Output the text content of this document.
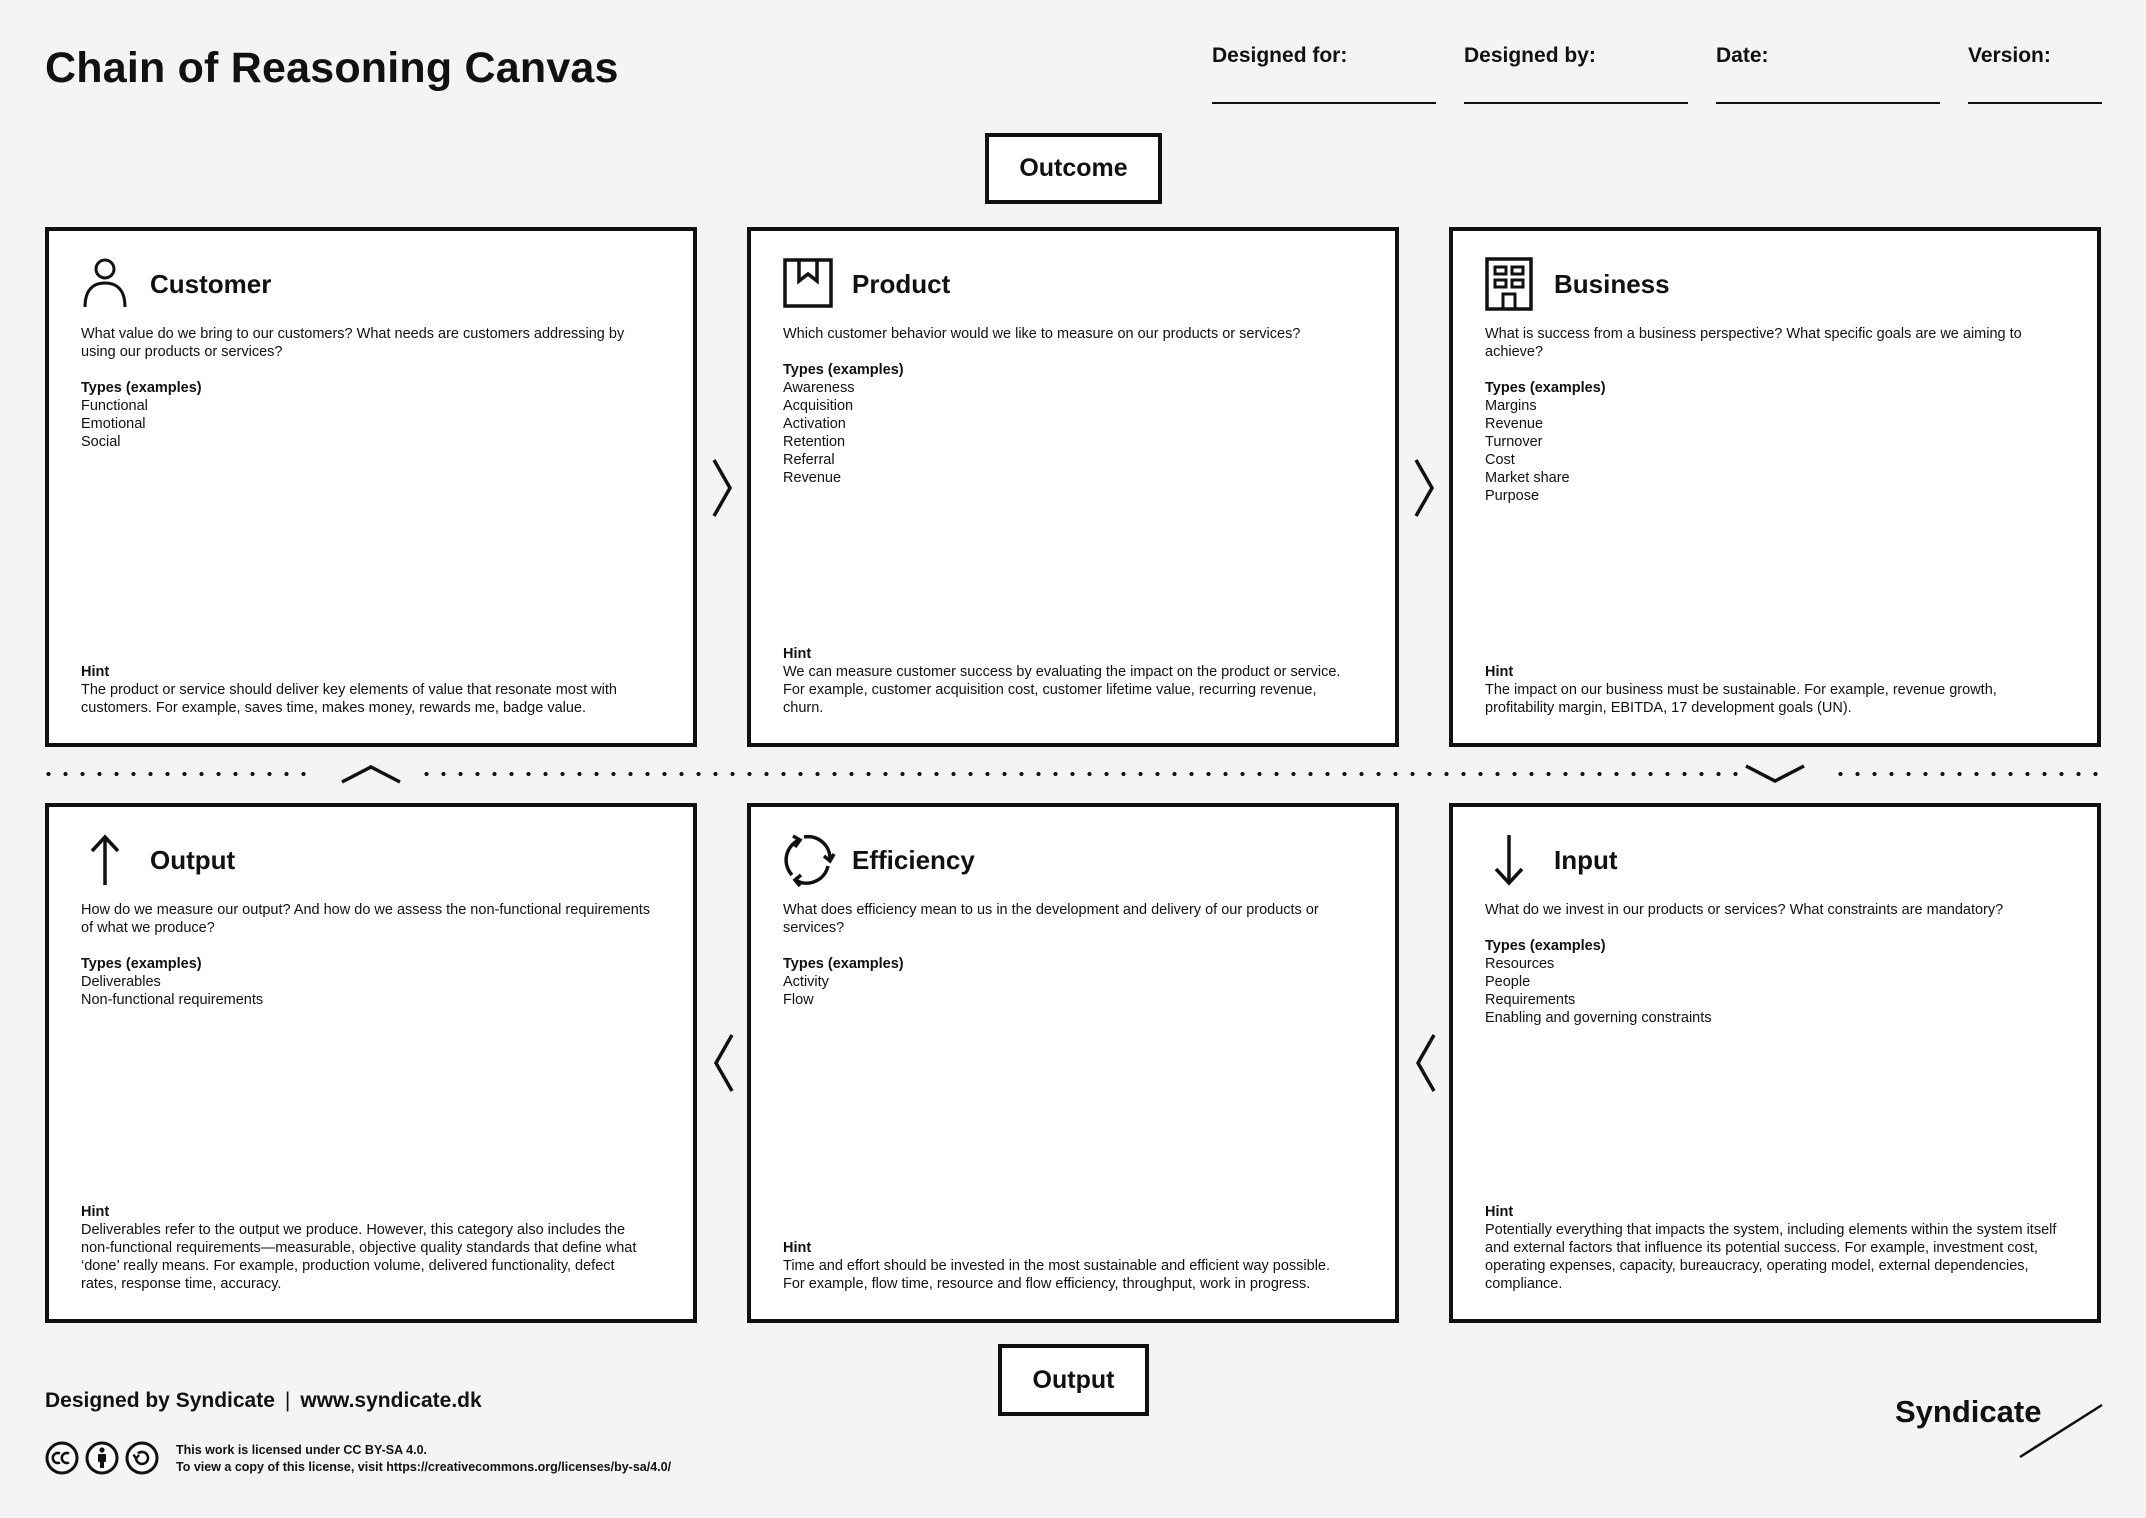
Chain of Reasoning Canvas	Designed for:	Designed by:	Date:	Version:
Outcome
Customer
What value do we bring to our customers? What needs are customers addressing by using our products or services?
Types (examples)
Functional
Emotional
Social
Hint
The product or service should deliver key elements of value that resonate most with customers. For example, saves time, makes money, rewards me, badge value.
Product
Which customer behavior would we like to measure on our products or services?
Types (examples)
Awareness
Acquisition
Activation
Retention
Referral
Revenue
Hint
We can measure customer success by evaluating the impact on the product or service. For example, customer acquisition cost, customer lifetime value, recurring revenue, churn.
Business
What is success from a business perspective? What specific goals are we aiming to achieve?
Types (examples)
Margins
Revenue
Turnover
Cost
Market share
Purpose
Hint
The impact on our business must be sustainable. For example, revenue growth, profitability margin, EBITDA, 17 development goals (UN).
Output
How do we measure our output? And how do we assess the non-functional requirements of what we produce?
Types (examples)
Deliverables
Non-functional requirements
Hint
Deliverables refer to the output we produce. However, this category also includes the non-functional requirements—measurable, objective quality standards that define what ‘done’ really means. For example, production volume, delivered functionality, defect rates, response time, accuracy.
Efficiency
What does efficiency mean to us in the development and delivery of our products or services?
Types (examples)
Activity
Flow
Hint
Time and effort should be invested in the most sustainable and efficient way possible. For example, flow time, resource and flow efficiency, throughput, work in progress.
Input
What do we invest in our products or services? What constraints are mandatory?
Types (examples)
Resources
People
Requirements
Enabling and governing constraints
Hint
Potentially everything that impacts the system, including elements within the system itself and external factors that influence its potential success. For example, investment cost, operating expenses, capacity, bureaucracy, operating model, external dependencies, compliance.
Output
Designed by Syndicate | www.syndicate.dk
This work is licensed under CC BY-SA 4.0.
To view a copy of this license, visit https://creativecommons.org/licenses/by-sa/4.0/
Syndicate
